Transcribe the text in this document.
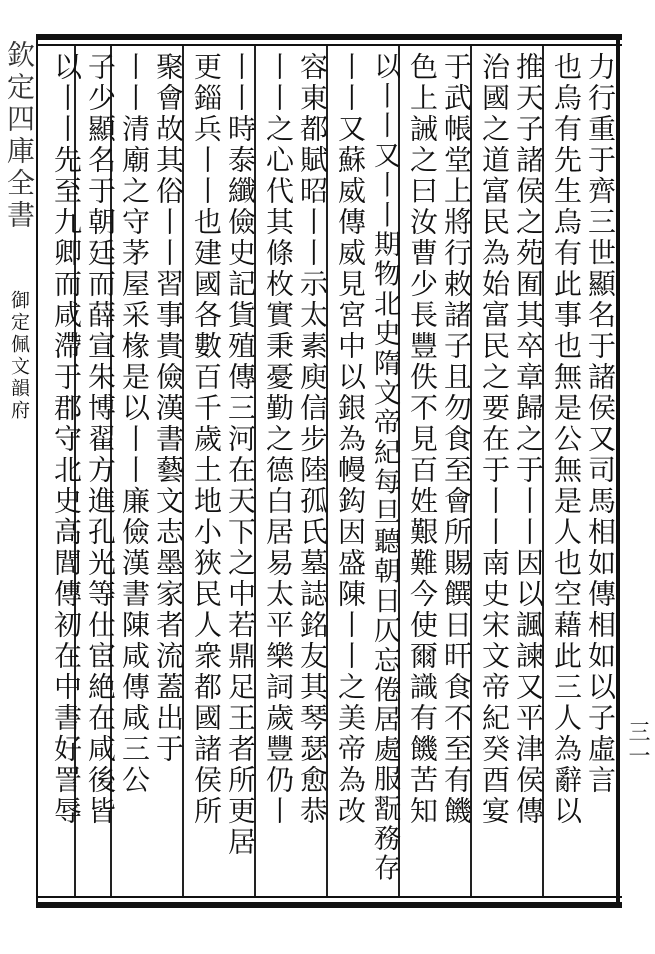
欽定四庫全書
御定佩文韻府
三一
力行重于齊三世顯名于諸侯又司馬相如傳相如以子虛言
也烏有先生烏有此事也無是公無是人也空藉此三人為辭以
推天子諸侯之苑囿其卒章歸之于丨丨因以諷諫又平津侯傳
治國之道富民為始富民之要在于丨丨南史宋文帝紀癸酉宴
于武帳堂上將行敕諸子且勿食至會所賜饌日旰食不至有饑
色上誡之曰汝曹少長豐佚不見百姓艱難今使爾識有饑苦知
以丨丨又丨丨期物北史隋文帝紀每旦聽朝日仄忘倦居處服翫務存
丨丨又蘇威傳威見宮中以銀為幔鈎因盛陳丨丨之美帝為改
容東都賦昭丨丨示太素庾信步陸孤氏墓誌銘友其琴瑟愈恭
丨丨之心代其條枚實秉憂勤之德白居易太平樂詞歲豐仍丨
丨丨時泰纖儉史記貨殖傳三河在天下之中若鼎足王者所更居
更錙兵丨丨也建國各數百千歲土地小狹民人衆都國諸侯所
聚會故其俗丨丨習事貴儉漢書藝文志墨家者流蓋出于
丨丨清廟之守茅屋采椽是以丨丨廉儉漢書陳咸傳咸三公
子少顯名于朝廷而薛宣朱博翟方進孔光等仕宦絶在咸後皆
以丨丨先至九卿而咸滯于郡守北史高閭傳初在中書好詈辱
